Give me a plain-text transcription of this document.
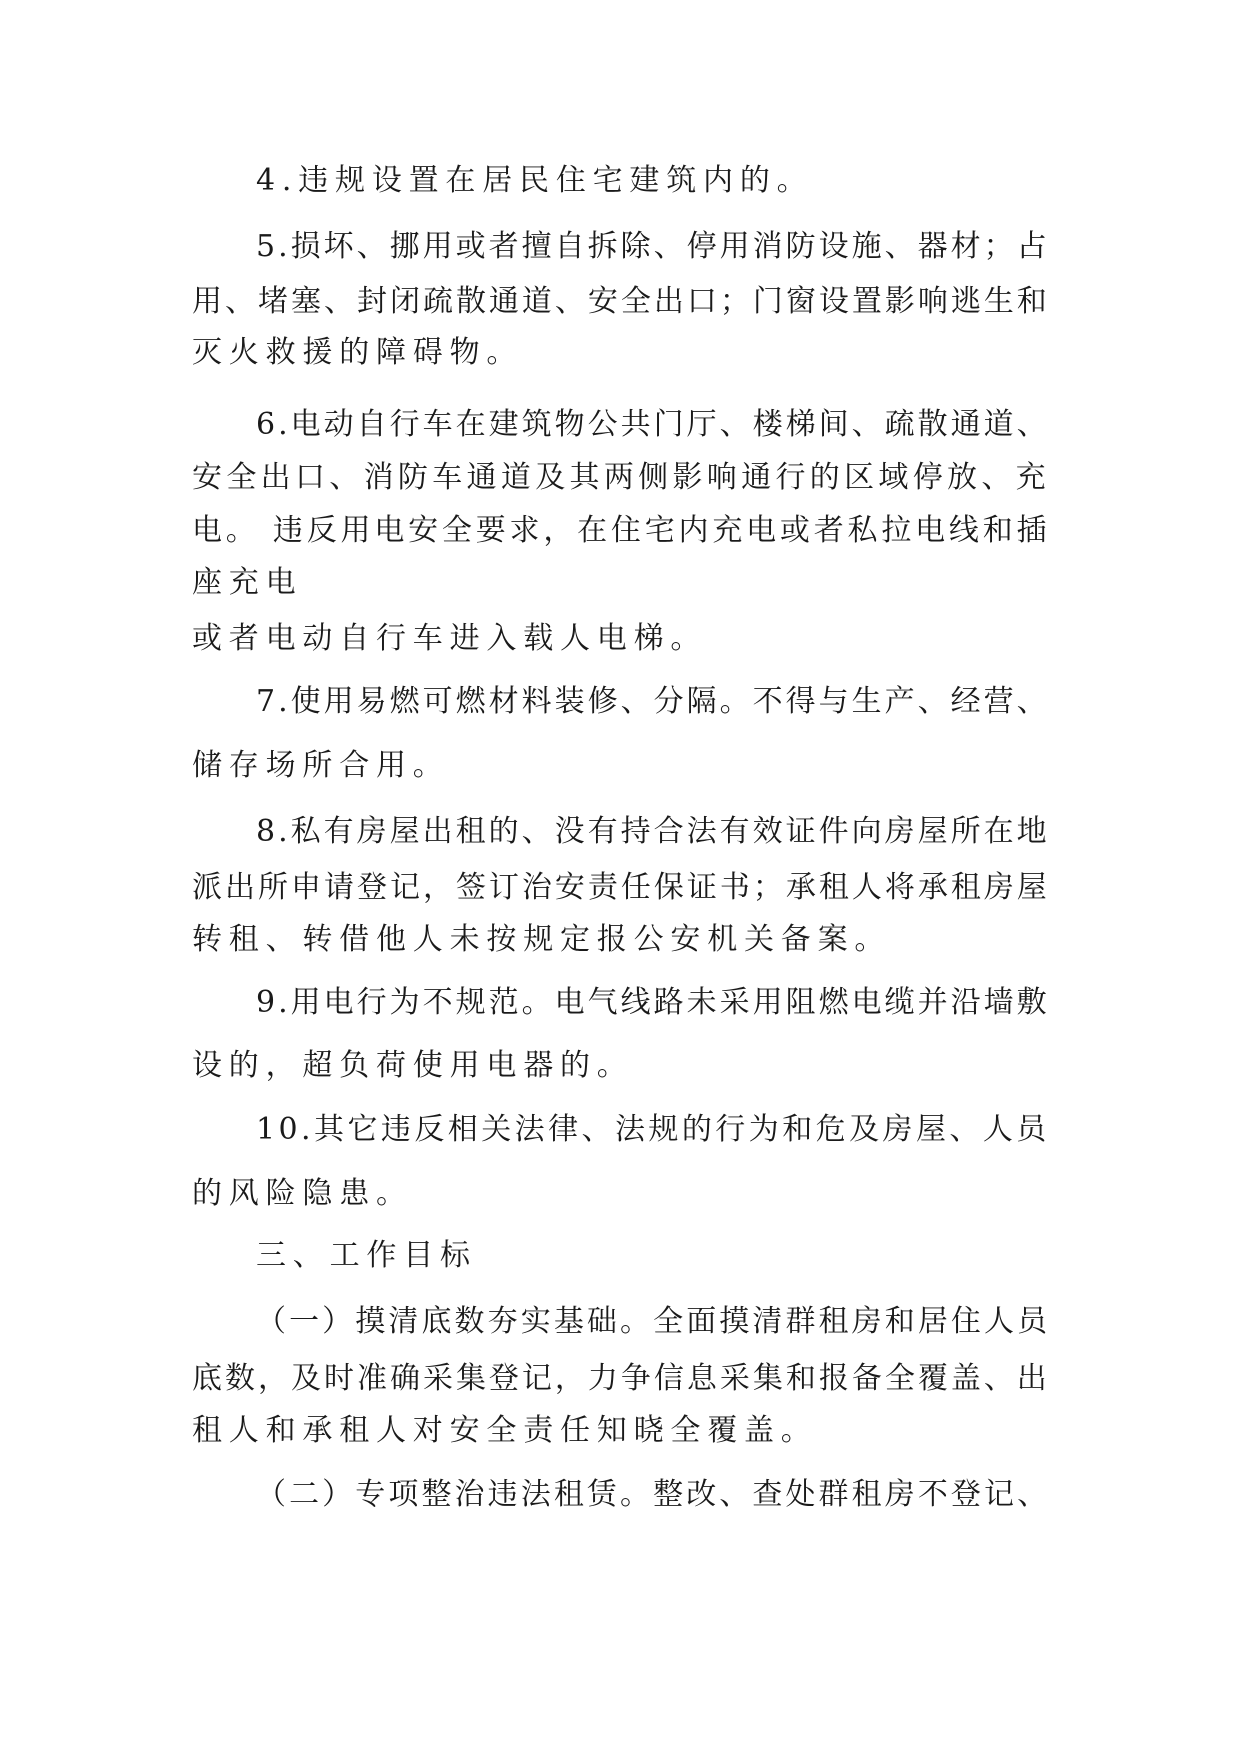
4.违规设置在居民住宅建筑内的。

5.损坏、挪用或者擅自拆除、停用消防设施、器材；占

用、堵塞、封闭疏散通道、安全出口；门窗设置影响逃生和

灭火救援的障碍物。

6.电动自行车在建筑物公共门厅、楼梯间、疏散通道、

安全出口、消防车通道及其两侧影响通行的区域停放、充

电。 违反用电安全要求，在住宅内充电或者私拉电线和插

座充电

或者电动自行车进入载人电梯。

7.使用易燃可燃材料装修、分隔。不得与生产、经营、

储存场所合用。

8.私有房屋出租的、没有持合法有效证件向房屋所在地

派出所申请登记，签订治安责任保证书；承租人将承租房屋

转租、转借他人未按规定报公安机关备案。

9.用电行为不规范。电气线路未采用阻燃电缆并沿墙敷

设的，超负荷使用电器的。

10.其它违反相关法律、法规的行为和危及房屋、人员

的风险隐患。

三、工作目标

（一）摸清底数夯实基础。全面摸清群租房和居住人员

底数，及时准确采集登记，力争信息采集和报备全覆盖、出

租人和承租人对安全责任知晓全覆盖。

（二）专项整治违法租赁。整改、查处群租房不登记、
